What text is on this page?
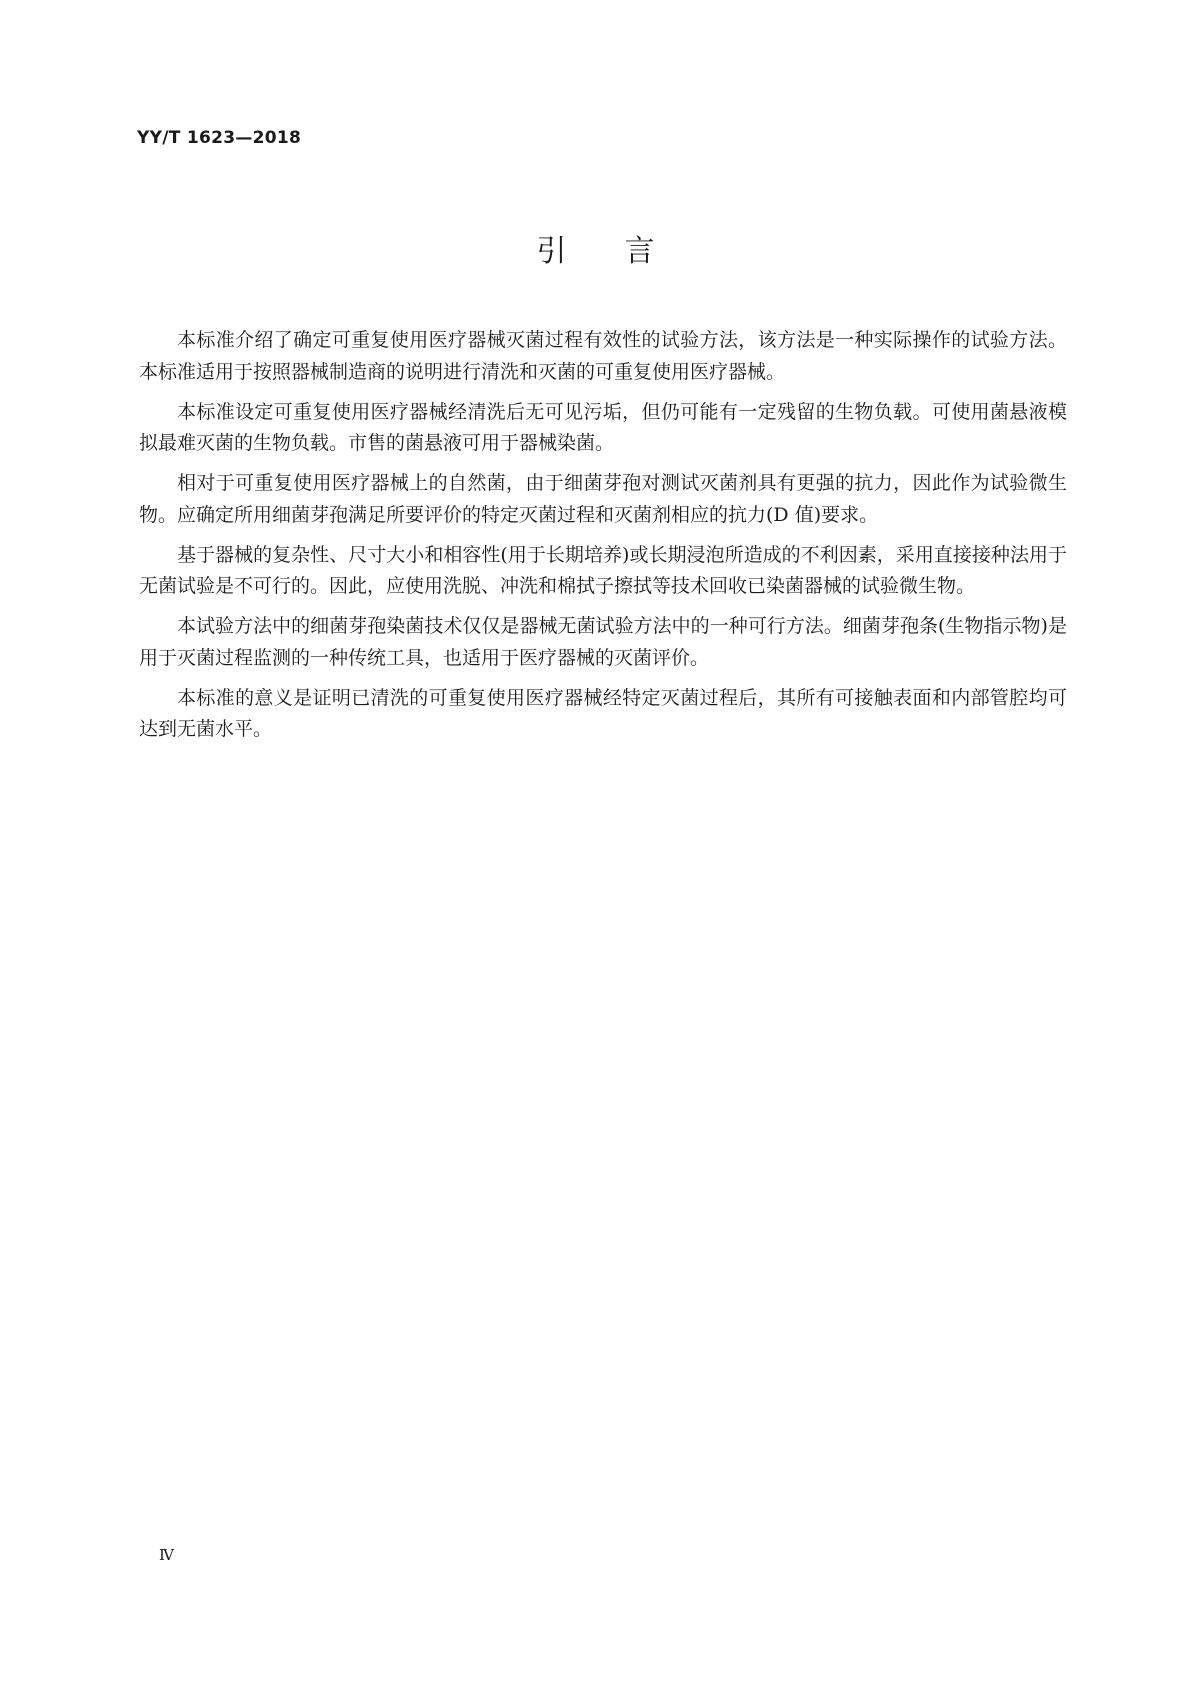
YY/T 1623—2018
引 言

本标准介绍了确定可重复使用医疗器械灭菌过程有效性的试验方法，该方法是一种实际操作的试验方法。本标准适用于按照器械制造商的说明进行清洗和灭菌的可重复使用医疗器械。

本标准设定可重复使用医疗器械经清洗后无可见污垢，但仍可能有一定残留的生物负载。可使用菌悬液模拟最难灭菌的生物负载。市售的菌悬液可用于器械染菌。

相对于可重复使用医疗器械上的自然菌，由于细菌芽孢对测试灭菌剂具有更强的抗力，因此作为试验微生物。应确定所用细菌芽孢满足所要评价的特定灭菌过程和灭菌剂相应的抗力(D 值)要求。

基于器械的复杂性、尺寸大小和相容性(用于长期培养)或长期浸泡所造成的不利因素，采用直接接种法用于无菌试验是不可行的。因此，应使用洗脱、冲洗和棉拭子擦拭等技术回收已染菌器械的试验微生物。

本试验方法中的细菌芽孢染菌技术仅仅是器械无菌试验方法中的一种可行方法。细菌芽孢条(生物指示物)是用于灭菌过程监测的一种传统工具，也适用于医疗器械的灭菌评价。

本标准的意义是证明已清洗的可重复使用医疗器械经特定灭菌过程后，其所有可接触表面和内部管腔均可达到无菌水平。

Ⅳ
